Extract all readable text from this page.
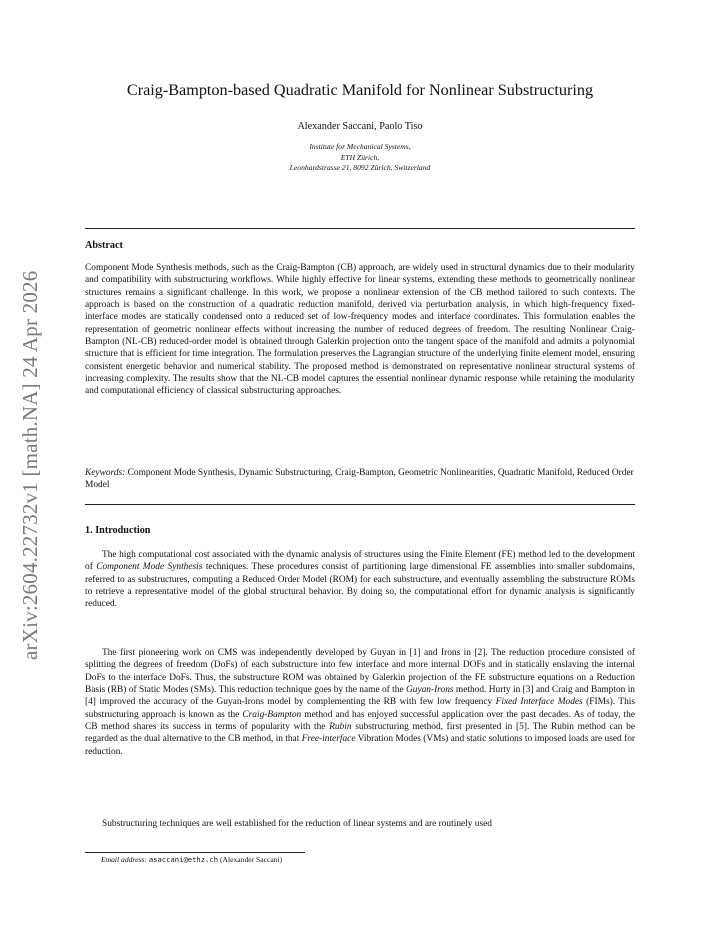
arXiv:2604.22732v1 [math.NA] 24 Apr 2026
Craig-Bampton-based Quadratic Manifold for Nonlinear Substructuring
Alexander Saccani, Paolo Tiso
Institute for Mechanical Systems,
ETH Zürich,
Leonhardstrasse 21, 8092 Zürich, Switzerland
Abstract
Component Mode Synthesis methods, such as the Craig-Bampton (CB) approach, are widely used in structural dynamics due to their modularity and compatibility with substructuring workflows. While highly effective for linear systems, extending these methods to geometrically nonlinear structures remains a significant challenge. In this work, we propose a nonlinear extension of the CB method tailored to such contexts. The approach is based on the construction of a quadratic reduction manifold, derived via perturbation analysis, in which high-frequency fixed-interface modes are statically condensed onto a reduced set of low-frequency modes and interface coordinates. This formulation enables the representation of geometric nonlinear effects without increasing the number of reduced degrees of freedom. The resulting Nonlinear Craig-Bampton (NL-CB) reduced-order model is obtained through Galerkin projection onto the tangent space of the manifold and admits a polynomial structure that is efficient for time integration. The formulation preserves the Lagrangian structure of the underlying finite element model, ensuring consistent energetic behavior and numerical stability. The proposed method is demonstrated on representative nonlinear structural systems of increasing complexity. The results show that the NL-CB model captures the essential nonlinear dynamic response while retaining the modularity and computational efficiency of classical substructuring approaches.
Keywords: Component Mode Synthesis, Dynamic Substructuring, Craig-Bampton, Geometric Nonlinearities, Quadratic Manifold, Reduced Order Model
1. Introduction
The high computational cost associated with the dynamic analysis of structures using the Finite Element (FE) method led to the development of Component Mode Synthesis techniques. These procedures consist of partitioning large dimensional FE assemblies into smaller subdomains, referred to as substructures, computing a Reduced Order Model (ROM) for each substructure, and eventually assembling the substructure ROMs to retrieve a representative model of the global structural behavior. By doing so, the computational effort for dynamic analysis is significantly reduced.
The first pioneering work on CMS was independently developed by Guyan in [1] and Irons in [2]. The reduction procedure consisted of splitting the degrees of freedom (DoFs) of each substructure into few interface and more internal DOFs and in statically enslaving the internal DoFs to the interface DoFs. Thus, the substructure ROM was obtained by Galerkin projection of the FE substructure equations on a Reduction Basis (RB) of Static Modes (SMs). This reduction technique goes by the name of the Guyan-Irons method. Hurty in [3] and Craig and Bampton in [4] improved the accuracy of the Guyan-Irons model by complementing the RB with few low frequency Fixed Interface Modes (FIMs). This substructuring approach is known as the Craig-Bampton method and has enjoyed successful application over the past decades. As of today, the CB method shares its success in terms of popularity with the Rubin substructuring method, first presented in [5]. The Rubin method can be regarded as the dual alternative to the CB method, in that Free-interface Vibration Modes (VMs) and static solutions to imposed loads are used for reduction.
Substructuring techniques are well established for the reduction of linear systems and are routinely used
Email address: asaccani@ethz.ch (Alexander Saccani)
